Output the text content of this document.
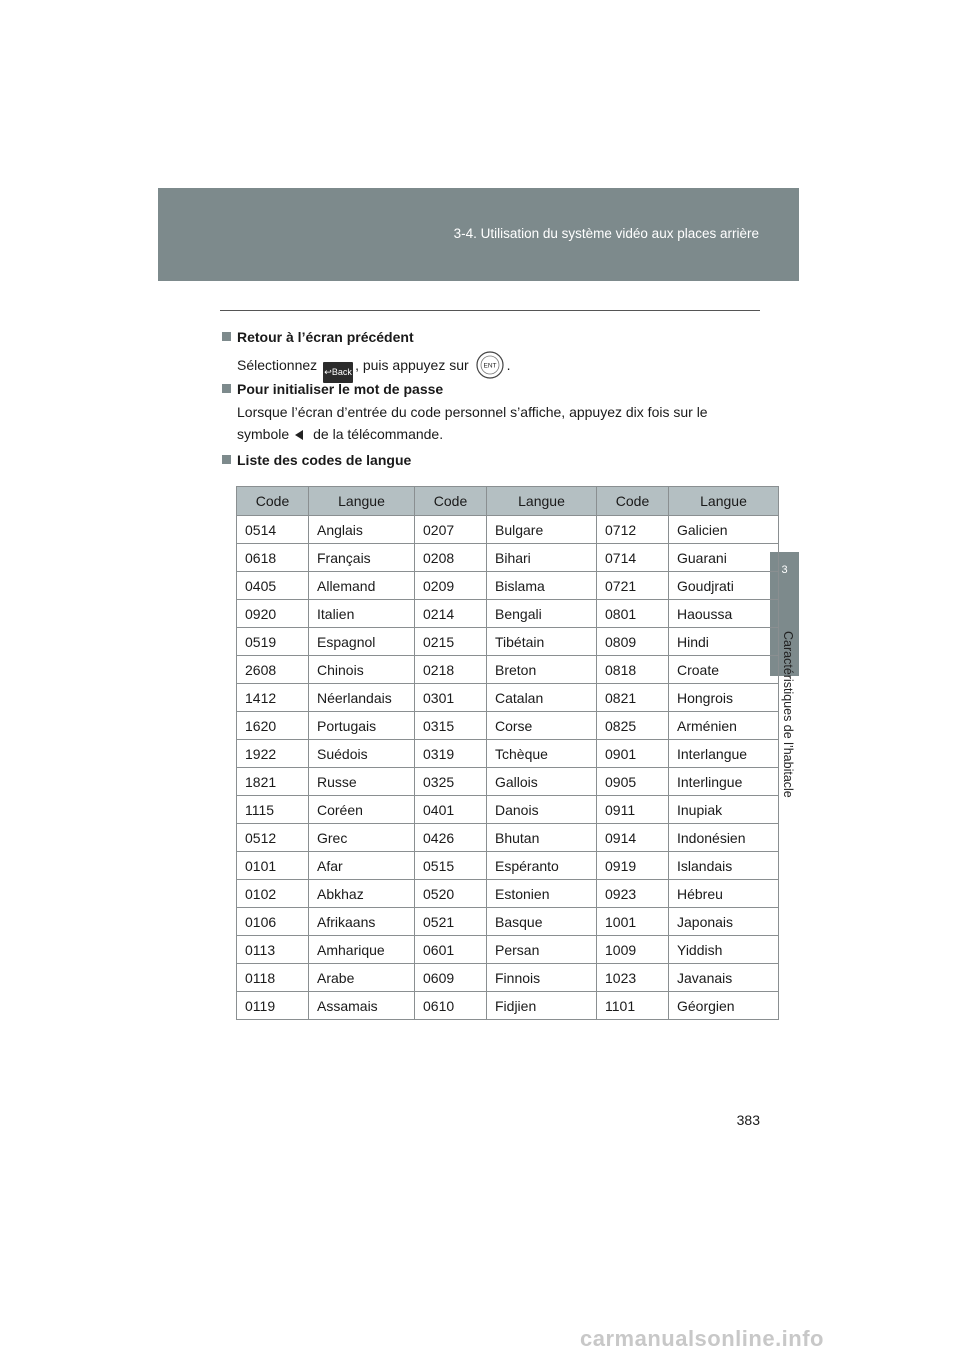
3-4. Utilisation du système vidéo aux places arrière
3
Caractéristiques de l’habitacle
Retour à l’écran précédent
Sélectionnez ↩Back , puis appuyez sur ENT .
Pour initialiser le mot de passe
Lorsque l’écran d’entrée du code personnel s’affiche, appuyez dix fois sur le
symbole de la télécommande.
Liste des codes de langue
Code	Langue	Code	Langue	Code	Langue
0514	Anglais	0207	Bulgare	0712	Galicien
0618	Français	0208	Bihari	0714	Guarani
0405	Allemand	0209	Bislama	0721	Goudjrati
0920	Italien	0214	Bengali	0801	Haoussa
0519	Espagnol	0215	Tibétain	0809	Hindi
2608	Chinois	0218	Breton	0818	Croate
1412	Néerlandais	0301	Catalan	0821	Hongrois
1620	Portugais	0315	Corse	0825	Arménien
1922	Suédois	0319	Tchèque	0901	Interlangue
1821	Russe	0325	Gallois	0905	Interlingue
1115	Coréen	0401	Danois	0911	Inupiak
0512	Grec	0426	Bhutan	0914	Indonésien
0101	Afar	0515	Espéranto	0919	Islandais
0102	Abkhaz	0520	Estonien	0923	Hébreu
0106	Afrikaans	0521	Basque	1001	Japonais
0113	Amharique	0601	Persan	1009	Yiddish
0118	Arabe	0609	Finnois	1023	Javanais
0119	Assamais	0610	Fidjien	1101	Géorgien
383
carmanualsonline.info
